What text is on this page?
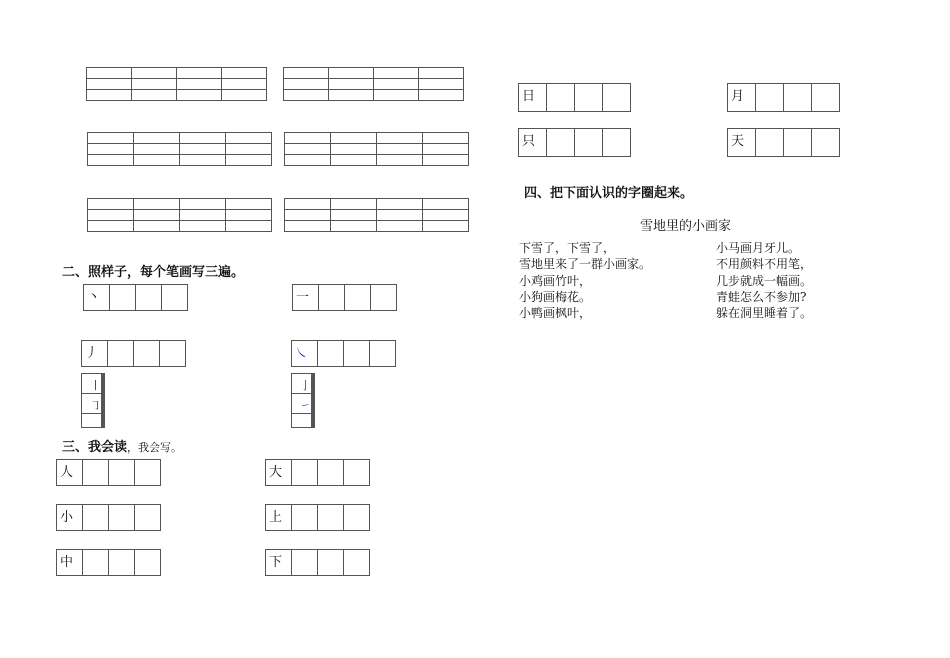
二、照样子，每个笔画写三遍。
丶	一
丿	㇏
丨			
㇆			

亅			
㇀			

三、我会读，我会写。
人	大
小	上
中	下
日	月
只	天
四、把下面认识的字圈起来。
雪地里的小画家
下雪了，下雪了，
雪地里来了一群小画家。
小鸡画竹叶，
小狗画梅花。
小鸭画枫叶，
小马画月牙儿。
不用颜料不用笔，
几步就成一幅画。
青蛙怎么不参加?
躲在洞里睡着了。
